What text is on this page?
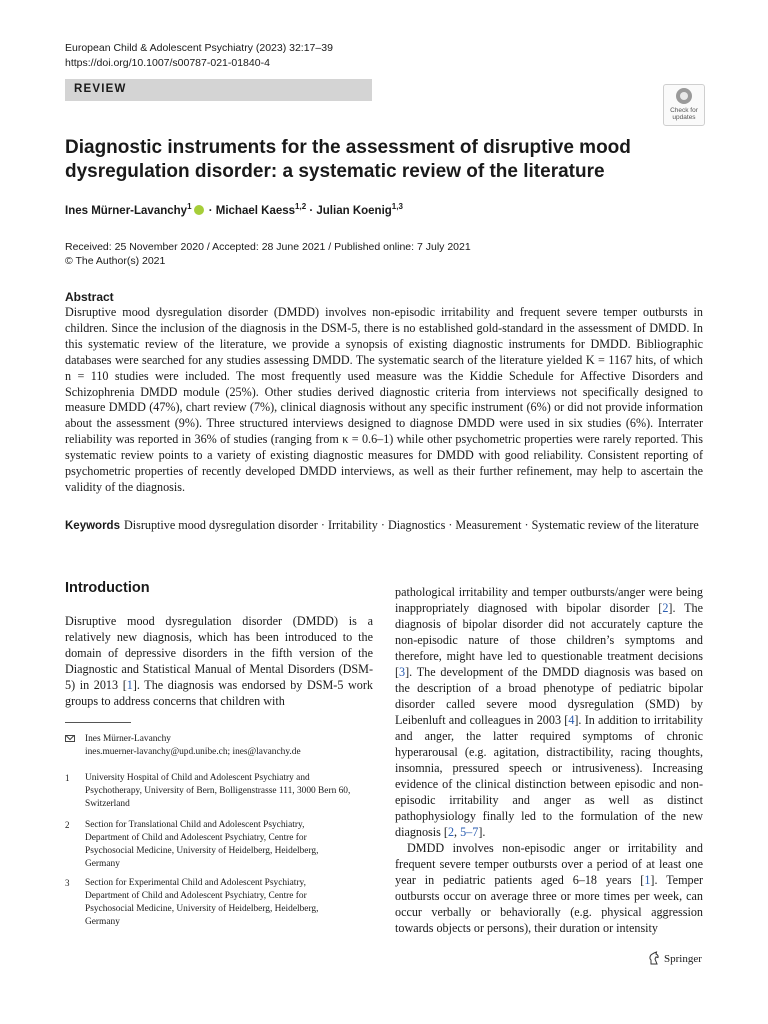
European Child & Adolescent Psychiatry (2023) 32:17–39
https://doi.org/10.1007/s00787-021-01840-4
REVIEW
Check for
updates
Diagnostic instruments for the assessment of disruptive mood dysregulation disorder: a systematic review of the literature
Ines Mürner-Lavanchy$^1$ · Michael Kaess$^{1,2}$ · Julian Koenig$^{1,3}$
Received: 25 November 2020 / Accepted: 28 June 2021 / Published online: 7 July 2021
© The Author(s) 2021
Abstract
Disruptive mood dysregulation disorder (DMDD) involves non-episodic irritability and frequent severe temper outbursts in children. Since the inclusion of the diagnosis in the DSM-5, there is no established gold-standard in the assessment of DMDD. In this systematic review of the literature, we provide a synopsis of existing diagnostic instruments for DMDD. Bibliographic databases were searched for any studies assessing DMDD. The systematic search of the literature yielded K = 1167 hits, of which n = 110 studies were included. The most frequently used measure was the Kiddie Schedule for Affective Disorders and Schizophrenia DMDD module (25%). Other studies derived diagnostic criteria from interviews not specifically designed to measure DMDD (47%), chart review (7%), clinical diagnosis without any specific instrument (6%) or did not provide information about the assessment (9%). Three structured interviews designed to diagnose DMDD were used in six studies (6%). Interrater reliability was reported in 36% of studies (ranging from κ = 0.6–1) while other psychometric properties were rarely reported. This systematic review points to a variety of existing diagnostic measures for DMDD with good reliability. Consistent reporting of psychometric properties of recently developed DMDD interviews, as well as their further refinement, may help to ascertain the validity of the diagnosis.
Keywords Disruptive mood dysregulation disorder · Irritability · Diagnostics · Measurement · Systematic review of the literature
Introduction
Disruptive mood dysregulation disorder (DMDD) is a relatively new diagnosis, which has been introduced to the domain of depressive disorders in the fifth version of the Diagnostic and Statistical Manual of Mental Disorders (DSM-5) in 2013 [1]. The diagnosis was endorsed by DSM-5 work groups to address concerns that children with

pathological irritability and temper outbursts/anger were being inappropriately diagnosed with bipolar disorder [2]. The diagnosis of bipolar disorder did not accurately capture the non-episodic nature of those children’s symptoms and therefore, might have led to questionable treatment decisions [3]. The development of the DMDD diagnosis was based on the description of a broad phenotype of pediatric bipolar disorder called severe mood dysregulation (SMD) by Leibenluft and colleagues in 2003 [4]. In addition to irritability and anger, the latter required symptoms of chronic hyperarousal (e.g. agitation, distractibility, racing thoughts, insomnia, pressured speech or intrusiveness). Increasing evidence of the clinical distinction between episodic and non-episodic irritability and anger as well as distinct pathophysiology finally led to the formulation of the new diagnosis [2, 5–7].

DMDD involves non-episodic anger or irritability and frequent severe temper outbursts over a period of at least one year in pediatric patients aged 6–18 years [1]. Temper outbursts occur on average three or more times per week, can occur verbally or behaviorally (e.g. physical aggression towards objects or persons), their duration or intensity

Ines Mürner-Lavanchy
ines.muerner-lavanchy@upd.unibe.ch; ines@lavanchy.de
1 University Hospital of Child and Adolescent Psychiatry and Psychotherapy, University of Bern, Bolligenstrasse 111, 3000 Bern 60, Switzerland
2 Section for Translational Child and Adolescent Psychiatry, Department of Child and Adolescent Psychiatry, Centre for Psychosocial Medicine, University of Heidelberg, Heidelberg, Germany
3 Section for Experimental Child and Adolescent Psychiatry, Department of Child and Adolescent Psychiatry, Centre for Psychosocial Medicine, University of Heidelberg, Heidelberg, Germany
Springer
